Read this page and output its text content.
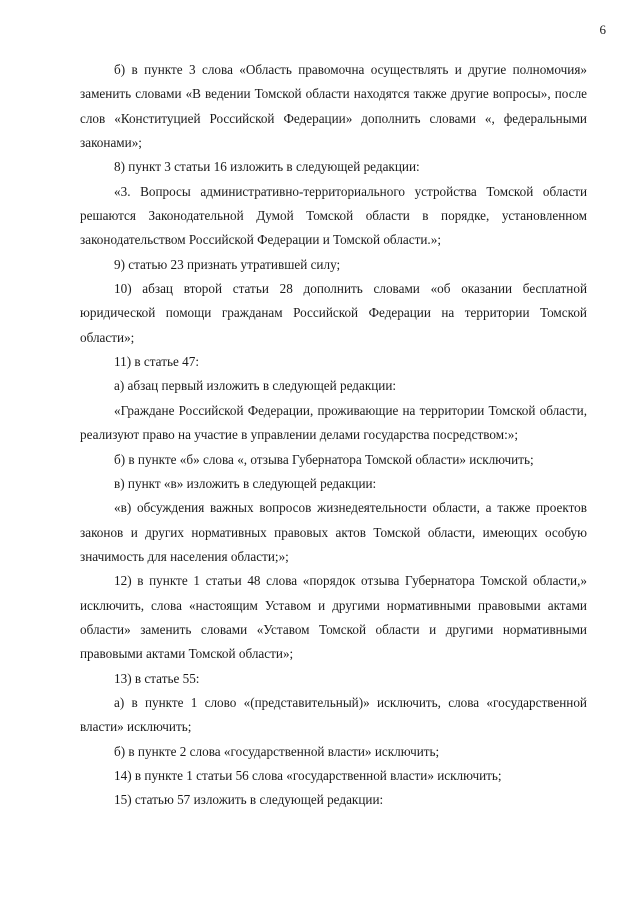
6

б) в пункте 3 слова «Область правомочна осуществлять и другие полномочия» заменить словами «В ведении Томской области находятся также другие вопросы», после слов «Конституцией Российской Федерации» дополнить словами «, федеральными законами»;

8) пункт 3 статьи 16 изложить в следующей редакции:

«3. Вопросы административно-территориального устройства Томской области решаются Законодательной Думой Томской области в порядке, установленном законодательством Российской Федерации и Томской области.»;

9) статью 23 признать утратившей силу;

10) абзац второй статьи 28 дополнить словами «об оказании бесплатной юридической помощи гражданам Российской Федерации на территории Томской области»;

11) в статье 47:

а) абзац первый изложить в следующей редакции:

«Граждане Российской Федерации, проживающие на территории Томской области, реализуют право на участие в управлении делами государства посредством:»;

б) в пункте «б» слова «, отзыва Губернатора Томской области» исключить;

в) пункт «в» изложить в следующей редакции:

«в) обсуждения важных вопросов жизнедеятельности области, а также проектов законов и других нормативных правовых актов Томской области, имеющих особую значимость для населения области;»;

12) в пункте 1 статьи 48 слова «порядок отзыва Губернатора Томской области,» исключить, слова «настоящим Уставом и другими нормативными правовыми актами области» заменить словами «Уставом Томской области и другими нормативными правовыми актами Томской области»;

13) в статье 55:

а) в пункте 1 слово «(представительный)» исключить, слова «государственной власти» исключить;

б) в пункте 2 слова «государственной власти» исключить;

14) в пункте 1 статьи 56 слова «государственной власти» исключить;

15) статью 57 изложить в следующей редакции:
